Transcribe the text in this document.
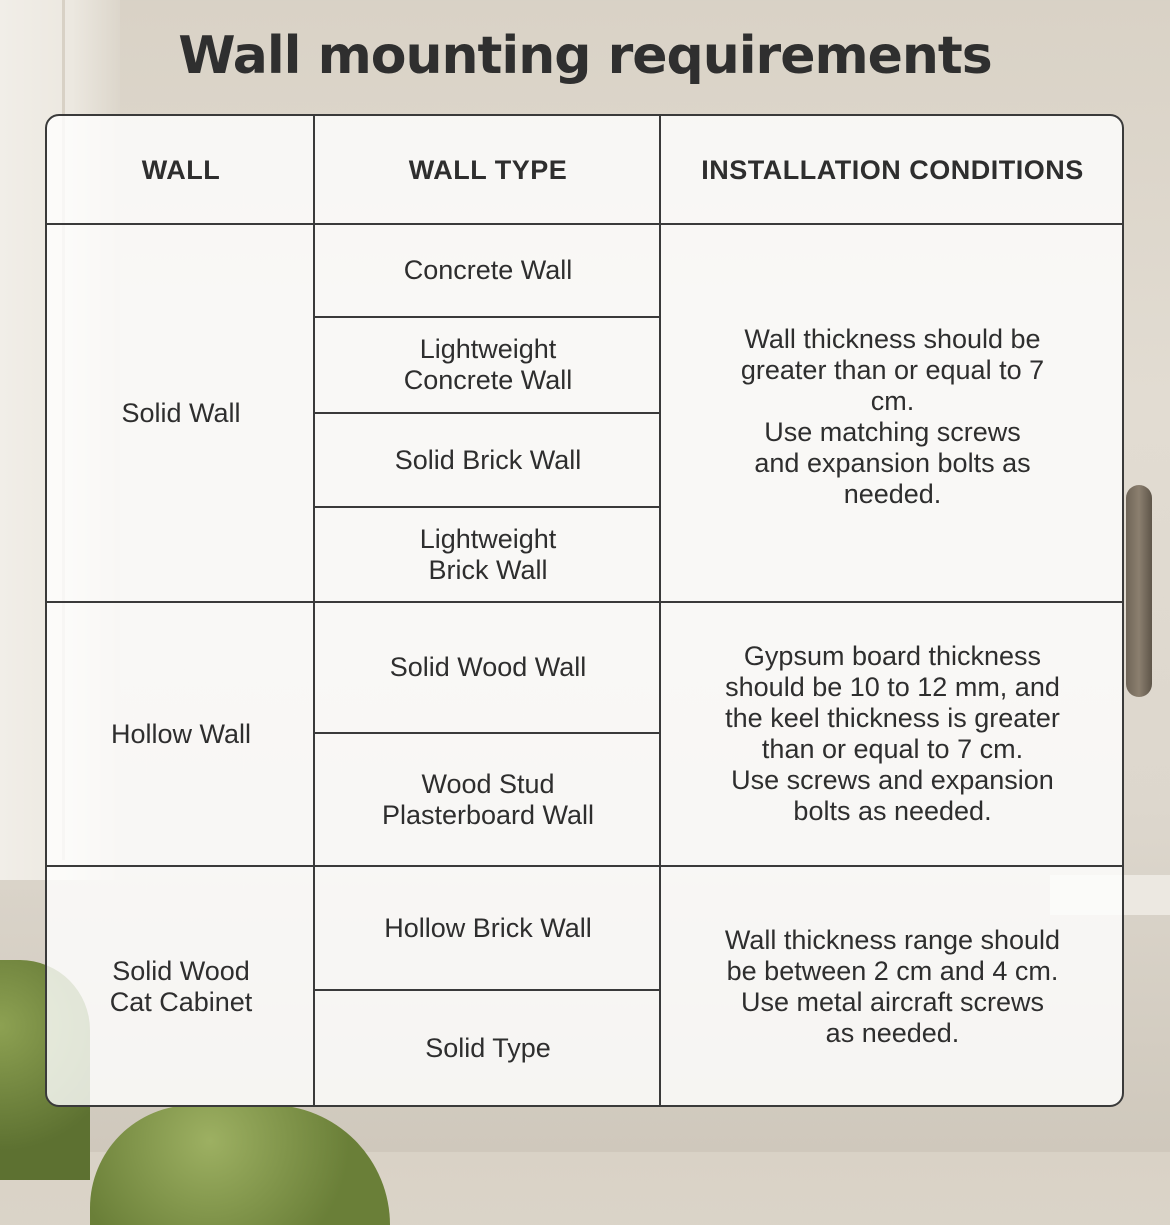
Wall mounting requirements
WALL	WALL TYPE	INSTALLATION CONDITIONS
Solid Wall
Concrete Wall
Lightweight
Concrete Wall
Solid Brick Wall
Lightweight
Brick Wall
Wall thickness should be
greater than or equal to 7
cm.
Use matching screws
and expansion bolts as
needed.
Hollow Wall
Solid Wood Wall
Wood Stud
Plasterboard Wall
Gypsum board thickness
should be 10 to 12 mm, and
the keel thickness is greater
than or equal to 7 cm.
Use screws and expansion
bolts as needed.
Solid Wood
Cat Cabinet
Hollow Brick Wall
Solid Type
Wall thickness range should
be between 2 cm and 4 cm.
Use metal aircraft screws
as needed.
